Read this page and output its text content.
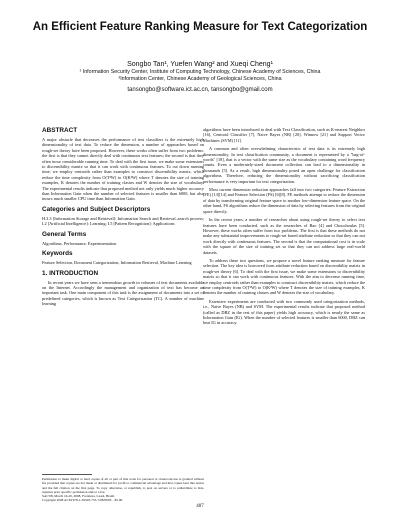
An Efficient Feature Ranking Measure for Text Categorization
Songbo Tan¹, Yuefen Wang² and Xueqi Cheng¹
¹ Information Security Center, Institute of Computing Technology, Chinese Academy of Sciences, China
²Information Center, Chinese Academy of Geological Sciences, China
tansongbo@software.ict.ac.cn, tansongbo@gmail.com
ABSTRACT

A major obstacle that decreases the performance of text classifiers is the extremely high dimensionality of text data. To reduce the dimension, a number of approaches based on rough-set theory have been proposed. However, these works often suffer from two problems: the first is that they cannot directly deal with continuous text features; the second is that they often incur considerable running time. To deal with the first issue, we make some extensions to discernibility matrix so that it can work with continuous features. To cut down running time, we employ centroids rather than examples to construct discernibility matrix, which reduce the time complexity from O(T²W) to O(K²W) where T denotes the size of training examples, K denotes the number of training classes and W denotes the size of vocabulary. The experimental results indicate that proposed method not only yields much higher accuracy than Information Gain when the number of selected features is smaller than 6000, but also incurs much smaller CPU time than Information Gain.

Categories and Subject Descriptors

H.3.3 [Information Storage and Retrieval]: Information Search and Retrieval–search process; I.2 [Artificial Intelligence]: Learning; I.5 [Pattern Recognition]: Applications

General Terms

Algorithms, Performance, Experimentation

Keywords

Feature Selection, Document Categorization, Information Retrieval, Machine Learning

1. INTRODUCTION

In recent years we have seen a tremendous growth in volumes of text documents available on the Internet. Accordingly the management and organization of text has become an important task. One main component of this task is the assignment of documents into a set of predefined categories, which is known as Text Categorization (TC). A number of machine learning

algorithms have been introduced to deal with Text Classification, such as K-nearest Neighbor [16], Centroid Classifier [7], Naive Bayes (NB) [20], Winnow [21] and Support Vector Machines (SVM) [11].

A common and often overwhelming characteristic of text data is its extremely high dimensionality. In text classification community, a document is represented by a "bag-of-words" [18], that is a vector with the same size as the vocabulary containing word frequency counts. Even a moderately-sized document collection can lead to a dimensionality in thousands [5]. As a result, high dimensionality posed an open challenge for classification algorithms. Therefore, reducing the dimensionality without sacrificing classification performance is very important for text categorization.

Most current dimension reduction approaches fall into two categories: Feature Extraction (FE) [13][14] and Feature Selection (FS) [6][8]. FE methods attempt to reduce the dimension of data by transforming original feature space to another low-dimension feature space. On the other hand, FS algorithms reduce the dimension of data by selecting features from the original space directly.

In the recent years, a number of researches about using rough-set theory to select text features have been conducted, such as the researches of Bao [4] and Chouchoulas [5]. However, these works often suffer from two problems. The first is that these methods do not make any substantial improvements to rough-set based attribute reduction so that they can not work directly with continuous features. The second is that the computational cost is in scale with the square of the size of training set so that they can not address large real-world datasets.

To address these two questions, we propose a novel feature ranking measure for feature selection. The key idea is borrowed from attribute reduction based on discernibility matrix in rough-set theory [6]. To deal with the first issue, we make some extensions to discernibility matrix so that it can work with continuous features. With the aim to decrease running time, we employ centroids rather than examples to construct discernibility matrix, which reduce the time complexity from O(T²W) to O(K²W) where T denotes the size of training examples, K denotes the number of training classes and W denotes the size of vocabulary.

Extensive experiments are conducted with two commonly used categorization methods, i.e., Naive Bayes (NB) and SVM. The experimental results indicate that proposed method (called as DBZ in the rest of this paper) yields high accuracy, which is nearly the same as Information Gain (IG). When the number of selected features is smaller than 6000, DBZ can beat IG in accuracy.

Permission to make digital or hard copies of all or part of this work for personal or classroom use is granted without fee provided that copies are not made or distributed for profit or commercial advantage and that copies bear this notice and the full citation on the first page. To copy otherwise, or republish, to post on servers or to redistribute to lists, requires prior specific permission and/or a fee.
SAC'08, March 16-20, 2008, Fortaleza, Ceará, Brazil.
Copyright 2008 ACM 978-1-59593-753-7/08/0003…$5.00.
407
